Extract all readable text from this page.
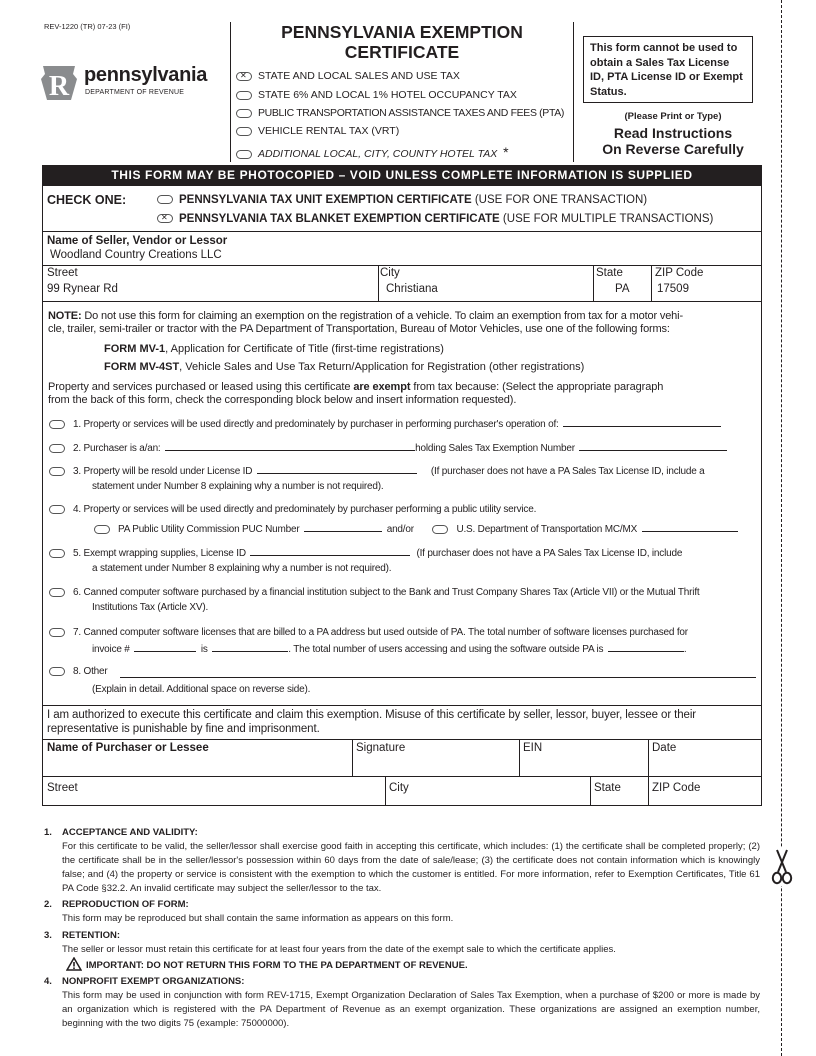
REV-1220 (TR) 07-23 (FI)
R pennsylvania
DEPARTMENT OF REVENUE
PENNSYLVANIA EXEMPTION
CERTIFICATE
✕STATE AND LOCAL SALES AND USE TAX
STATE 6% AND LOCAL 1% HOTEL OCCUPANCY TAX
PUBLIC TRANSPORTATION ASSISTANCE TAXES AND FEES (PTA)
VEHICLE RENTAL TAX (VRT)
ADDITIONAL LOCAL, CITY, COUNTY HOTEL TAX *
This form cannot be used to obtain a Sales Tax License ID, PTA License ID or Exempt Status.
(Please Print or Type)
Read Instructions
On Reverse Carefully
THIS FORM MAY BE PHOTOCOPIED – VOID UNLESS COMPLETE INFORMATION IS SUPPLIED
CHECK ONE:	PENNSYLVANIA TAX UNIT EXEMPTION CERTIFICATE (USE FOR ONE TRANSACTION)
✕PENNSYLVANIA TAX BLANKET EXEMPTION CERTIFICATE (USE FOR MULTIPLE TRANSACTIONS)
Name of Seller, Vendor or Lessor
Woodland Country Creations LLC
Street
99 Rynear Rd
City
Christiana
State
PA
ZIP Code
17509
NOTE: Do not use this form for claiming an exemption on the registration of a vehicle. To claim an exemption from tax for a motor vehi-
cle, trailer, semi-trailer or tractor with the PA Department of Transportation, Bureau of Motor Vehicles, use one of the following forms:
FORM MV-1, Application for Certificate of Title (first-time registrations)
FORM MV-4ST, Vehicle Sales and Use Tax Return/Application for Registration (other registrations)
Property and services purchased or leased using this certificate are exempt from tax because: (Select the appropriate paragraph
from the back of this form, check the corresponding block below and insert information requested).
1. Property or services will be used directly and predominately by purchaser in performing purchaser's operation of:
2. Purchaser is a/an:	holding Sales Tax Exemption Number
3. Property will be resold under License ID	(If purchaser does not have a PA Sales Tax License ID, include a
statement under Number 8 explaining why a number is not required).
4. Property or services will be used directly and predominately by purchaser performing a public utility service.
PA Public Utility Commission PUC Number	and/or	U.S. Department of Transportation MC/MX
5. Exempt wrapping supplies, License ID	(If purchaser does not have a PA Sales Tax License ID, include
a statement under Number 8 explaining why a number is not required).
6. Canned computer software purchased by a financial institution subject to the Bank and Trust Company Shares Tax (Article VII) or the Mutual Thrift
Institutions Tax (Article XV).
7. Canned computer software licenses that are billed to a PA address but used outside of PA. The total number of software licenses purchased for
invoice #	is	. The total number of users accessing and using the software outside PA is	.
8. Other
(Explain in detail. Additional space on reverse side).
I am authorized to execute this certificate and claim this exemption. Misuse of this certificate by seller, lessor, buyer, lessee or their
representative is punishable by fine and imprisonment.
Name of Purchaser or Lessee	Signature	EIN	Date
Street	City	State	ZIP Code
1. ACCEPTANCE AND VALIDITY:
For this certificate to be valid, the seller/lessor shall exercise good faith in accepting this certificate, which includes: (1) the certificate shall be completed properly; (2) the certificate shall be in the seller/lessor's possession within 60 days from the date of sale/lease; (3) the certificate does not contain information which is knowingly false; and (4) the property or service is consistent with the exemption to which the customer is entitled. For more information, refer to Exemption Certificates, Title 61 PA Code §32.2. An invalid certificate may subject the seller/lessor to the tax.
2. REPRODUCTION OF FORM:
This form may be reproduced but shall contain the same information as appears on this form.
3. RETENTION:
The seller or lessor must retain this certificate for at least four years from the date of the exempt sale to which the certificate applies.
IMPORTANT: DO NOT RETURN THIS FORM TO THE PA DEPARTMENT OF REVENUE.
4. NONPROFIT EXEMPT ORGANIZATIONS:
This form may be used in conjunction with form REV-1715, Exempt Organization Declaration of Sales Tax Exemption, when a purchase of $200 or more is made by an organization which is registered with the PA Department of Revenue as an exempt organization. These organizations are assigned an exemption number, beginning with the two digits 75 (example: 75000000).
